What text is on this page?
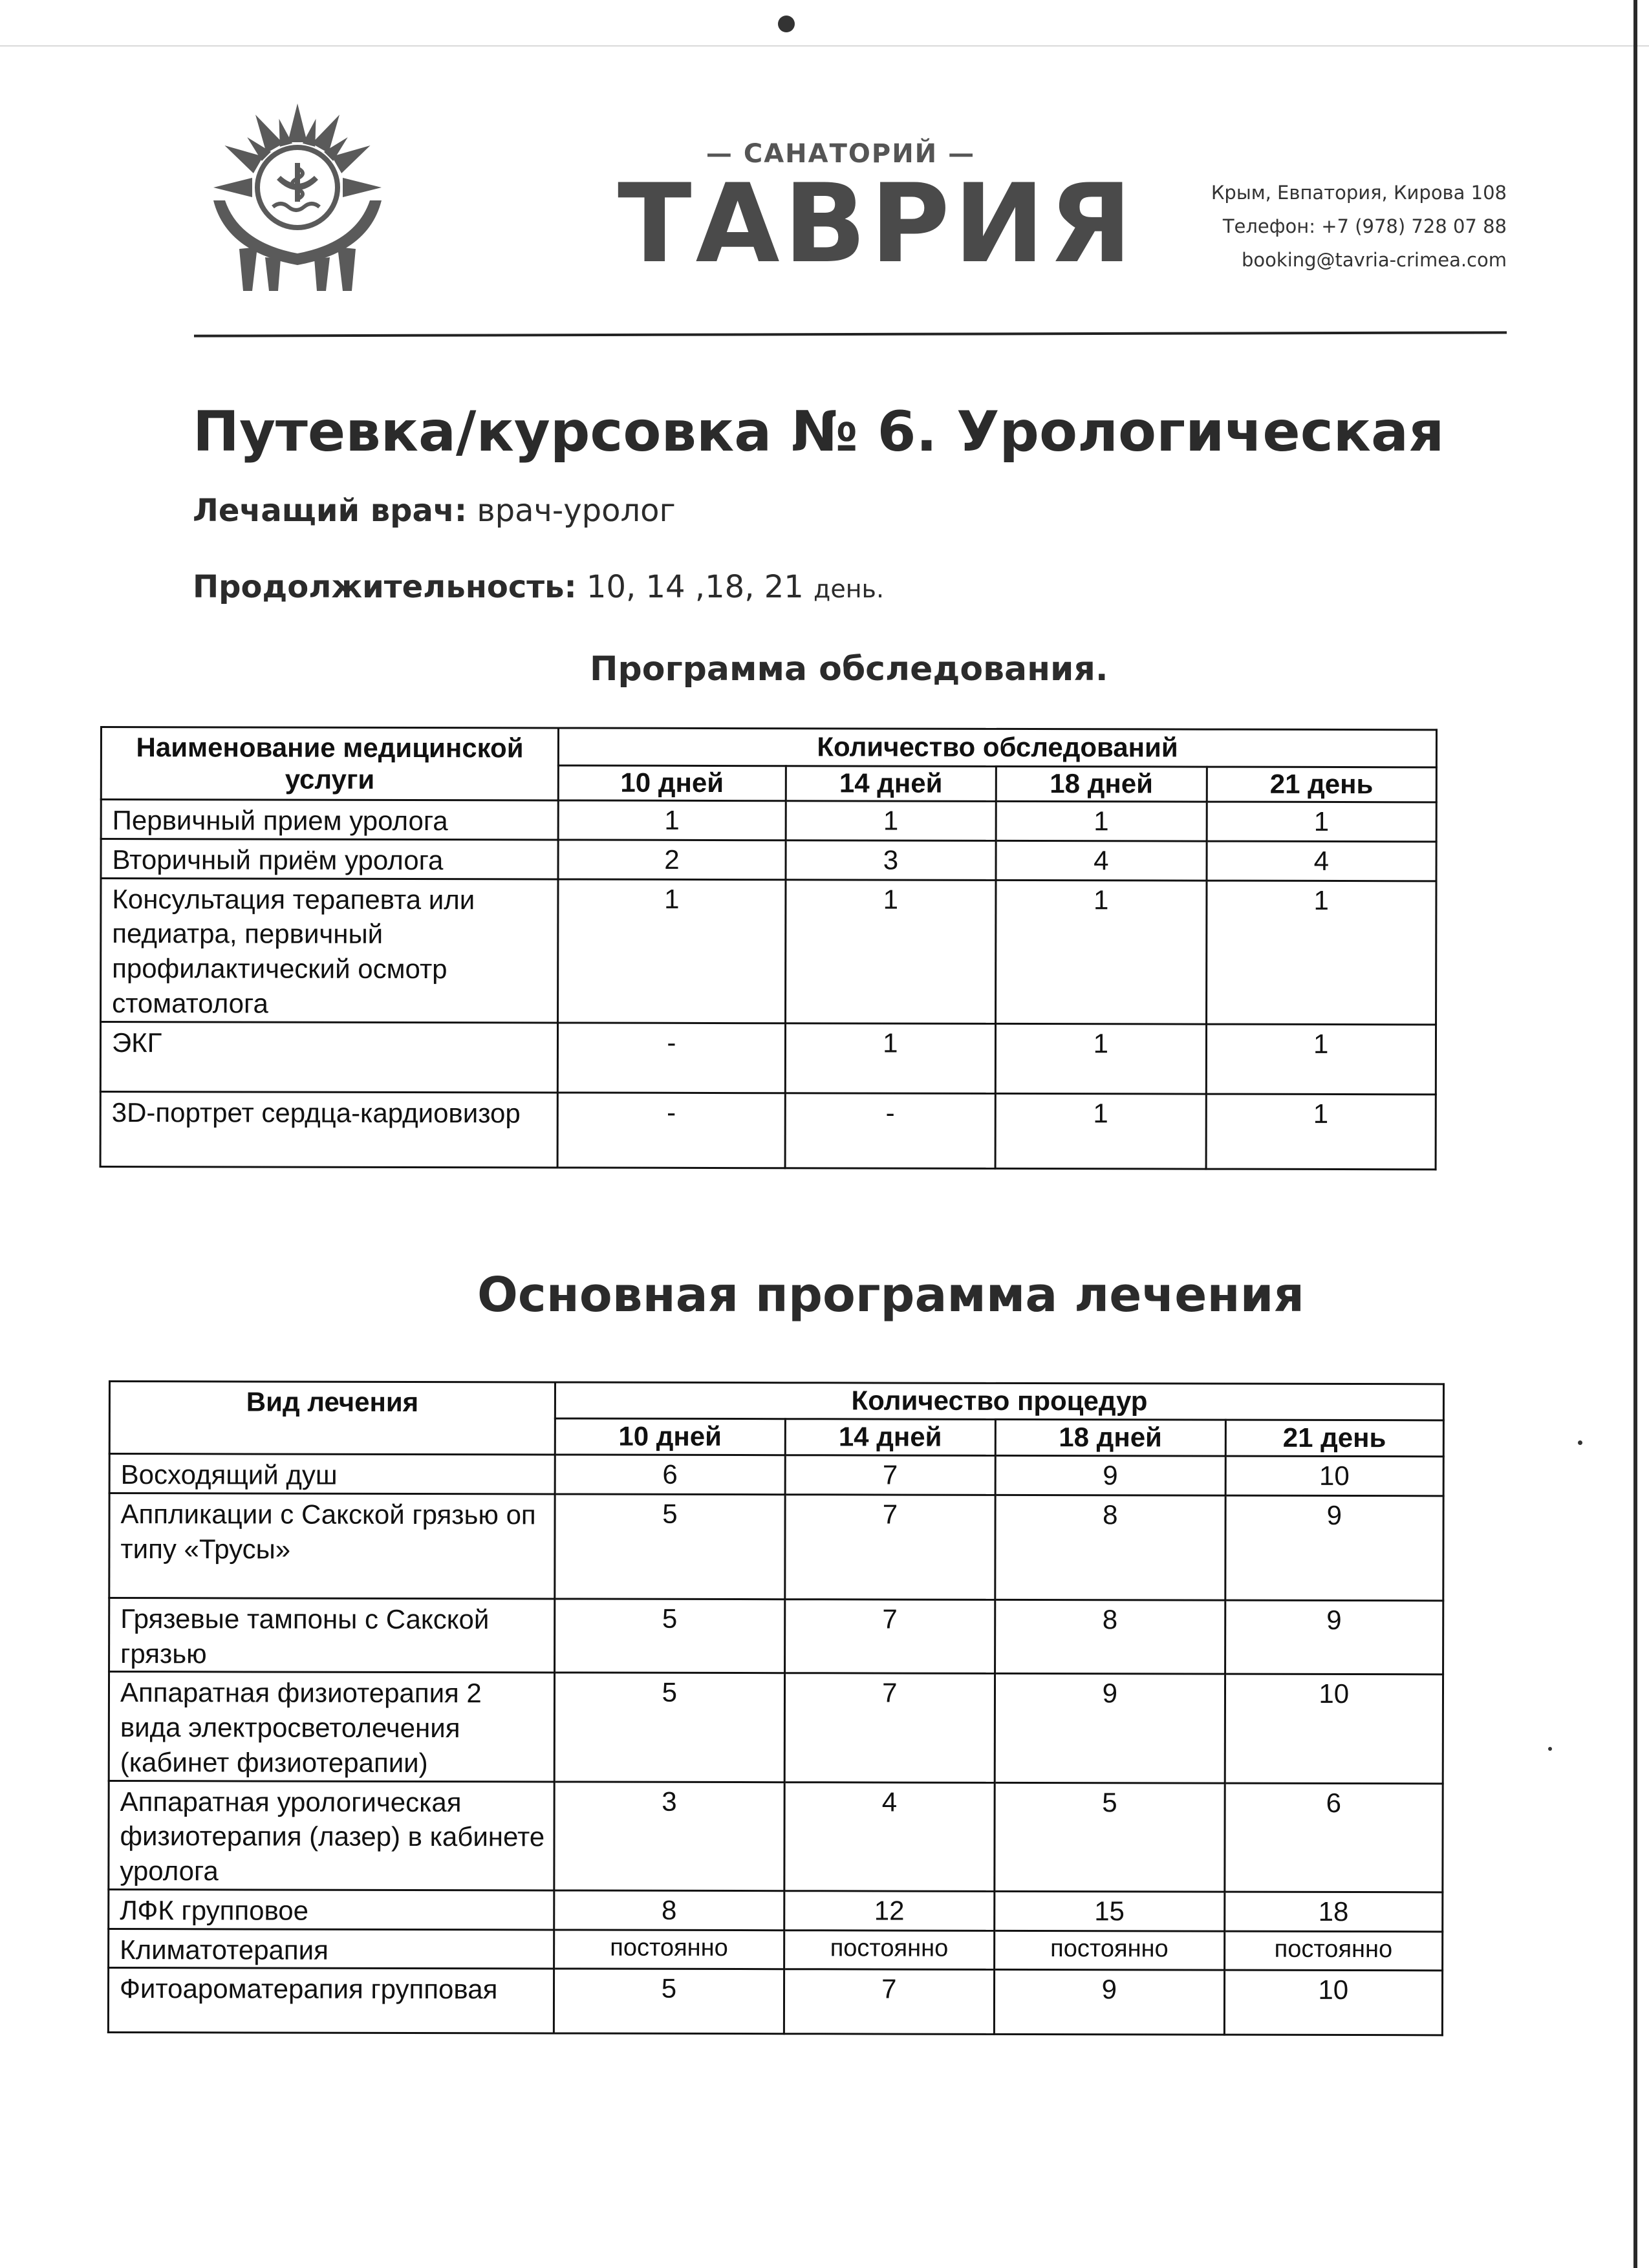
— САНАТОРИЙ —
ТАВРИЯ	Крым, Евпатория, Кирова 108
Телефон: +7 (978) 728 07 88
booking@tavria-crimea.com
Путевка/курсовка № 6. Урологическая
Лечащий врач: врач-уролог
Продолжительность: 10, 14 ,18, 21 день.
Программа обследования.
Наименование медицинской услуги	Количество обследований			
	10 дней	14 дней	18 дней	21 день
Первичный прием уролога	1	1	1	1
Вторичный приём уролога	2	3	4	4
Консультация терапевта или педиатра, первичный профилактический осмотр стоматолога	1	1	1	1
ЭКГ	-	1	1	1
3D-портрет сердца-кардиовизор	-	-	1	1
Основная программа лечения
Вид лечения	Количество процедур			
	10 дней	14 дней	18 дней	21 день
Восходящий душ	6	7	9	10
Аппликации с Сакской грязью оп типу «Трусы»	5	7	8	9
Грязевые тампоны с Сакской грязью	5	7	8	9
Аппаратная физиотерапия 2 вида электросветолечения (кабинет физиотерапии)	5	7	9	10
Аппаратная урологическая физиотерапия (лазер) в кабинете уролога	3	4	5	6
ЛФК групповое	8	12	15	18
Климатотерапия	постоянно	постоянно	постоянно	постоянно
Фитоароматерапия групповая	5	7	9	10
